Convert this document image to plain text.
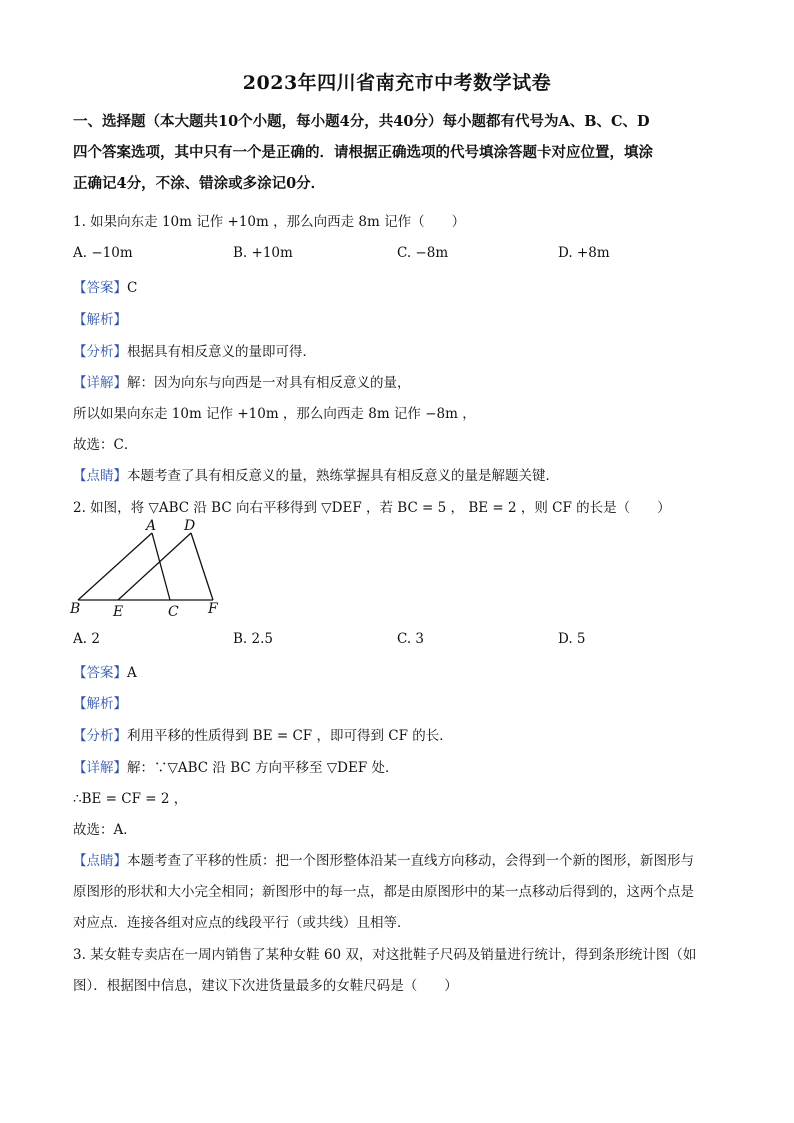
2023年四川省南充市中考数学试卷
一、选择题（本大题共10个小题，每小题4分，共40分）每小题都有代号为A、B、C、D
四个答案选项，其中只有一个是正确的．请根据正确选项的代号填涂答题卡对应位置，填涂
正确记4分，不涂、错涂或多涂记0分．
1. 如果向东走 10m 记作 +10m ，那么向西走 8m 记作（　　）
A. −10m	B. +10m	C. −8m	D. +8m
【答案】C
【解析】
【分析】根据具有相反意义的量即可得．
【详解】解：因为向东与向西是一对具有相反意义的量，
所以如果向东走 10m 记作 +10m ，那么向西走 8m 记作 −8m ，
故选：C．
【点睛】本题考查了具有相反意义的量，熟练掌握具有相反意义的量是解题关键．
2. 如图，将 ▽ABC 沿 BC 向右平移得到 ▽DEF ，若 BC = 5 ， BE = 2 ，则 CF 的长是（　　）
A D
B E	C F
A. 2	B. 2.5	C. 3	D. 5
【答案】A
【解析】
【分析】利用平移的性质得到 BE = CF ，即可得到 CF 的长．
【详解】解：∵▽ABC 沿 BC 方向平移至 ▽DEF 处．
∴BE = CF = 2 ，
故选：A．
【点睛】本题考查了平移的性质：把一个图形整体沿某一直线方向移动，会得到一个新的图形，新图形与
原图形的形状和大小完全相同；新图形中的每一点，都是由原图形中的某一点移动后得到的，这两个点是
对应点．连接各组对应点的线段平行（或共线）且相等．
3. 某女鞋专卖店在一周内销售了某种女鞋 60 双，对这批鞋子尺码及销量进行统计，得到条形统计图（如
图）．根据图中信息，建议下次进货量最多的女鞋尺码是（　　）
